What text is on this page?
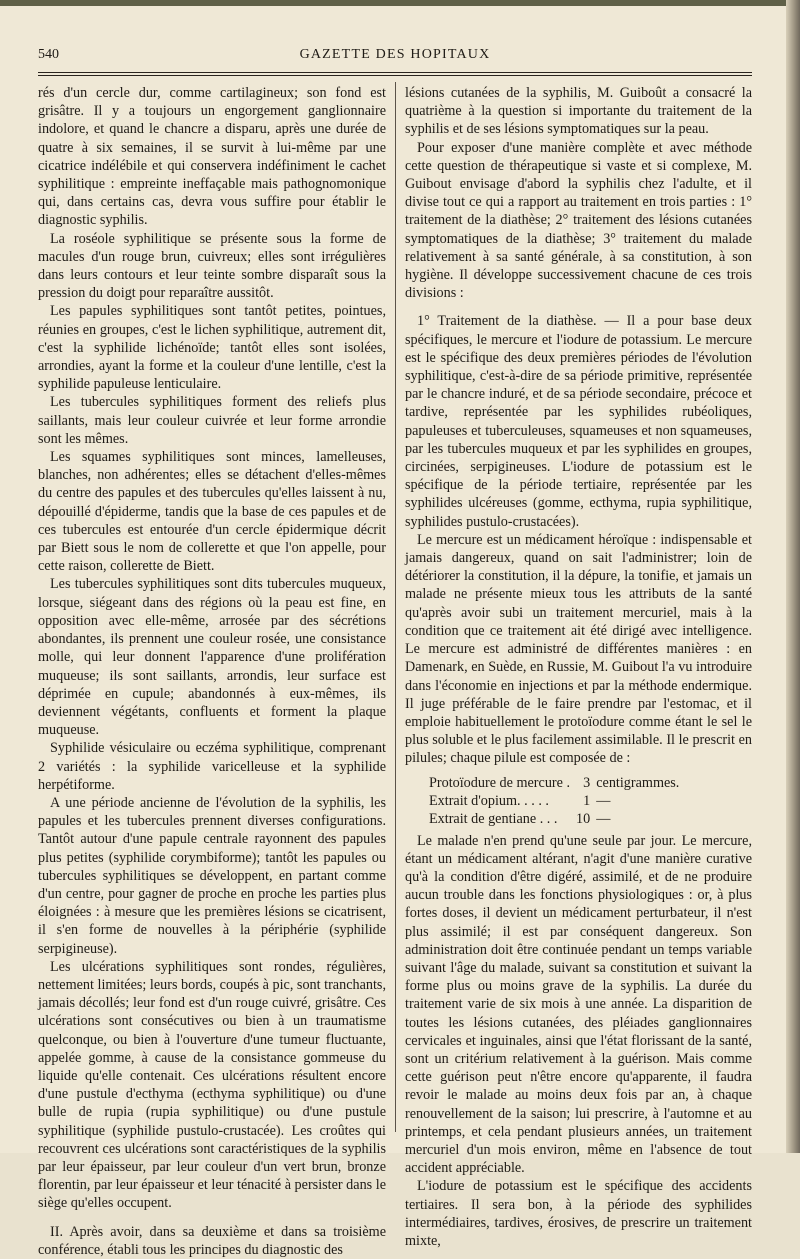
540	GAZETTE DES HOPITAUX

rés d'un cercle dur, comme cartilagineux; son fond est grisâtre. Il y a toujours un engorgement ganglionnaire indolore, et quand le chancre a disparu, après une durée de quatre à six semaines, il se survit à lui-même par une cicatrice indélébile et qui conservera indéfiniment le cachet syphilitique : empreinte ineffaçable mais pathognomonique qui, dans certains cas, devra vous suffire pour établir le diagnostic syphilis.

La roséole syphilitique se présente sous la forme de macules d'un rouge brun, cuivreux; elles sont irrégulières dans leurs contours et leur teinte sombre disparaît sous la pression du doigt pour reparaître aussitôt.

Les papules syphilitiques sont tantôt petites, pointues, réunies en groupes, c'est le lichen syphilitique, autrement dit, c'est la syphilide lichénoïde; tantôt elles sont isolées, arrondies, ayant la forme et la couleur d'une lentille, c'est la syphilide papuleuse lenticulaire.

Les tubercules syphilitiques forment des reliefs plus saillants, mais leur couleur cuivrée et leur forme arrondie sont les mêmes.

Les squames syphilitiques sont minces, lamelleuses, blanches, non adhérentes; elles se détachent d'elles-mêmes du centre des papules et des tubercules qu'elles laissent à nu, dépouillé d'épiderme, tandis que la base de ces papules et de ces tubercules est entourée d'un cercle épidermique décrit par Biett sous le nom de collerette et que l'on appelle, pour cette raison, collerette de Biett.

Les tubercules syphilitiques sont dits tubercules muqueux, lorsque, siégeant dans des régions où la peau est fine, en opposition avec elle-même, arrosée par des sécrétions abondantes, ils prennent une couleur rosée, une consistance molle, qui leur donnent l'apparence d'une prolifération muqueuse; ils sont saillants, arrondis, leur surface est déprimée en cupule; abandonnés à eux-mêmes, ils deviennent végétants, confluents et forment la plaque muqueuse.

Syphilide vésiculaire ou eczéma syphilitique, comprenant 2 variétés : la syphilide varicelleuse et la syphilide herpétiforme.

A une période ancienne de l'évolution de la syphilis, les papules et les tubercules prennent diverses configurations. Tantôt autour d'une papule centrale rayonnent des papules plus petites (syphilide corymbiforme); tantôt les papules ou tubercules syphilitiques se développent, en partant comme d'un centre, pour gagner de proche en proche les parties plus éloignées : à mesure que les premières lésions se cicatrisent, il s'en forme de nouvelles à la périphérie (syphilide serpigineuse).

Les ulcérations syphilitiques sont rondes, régulières, nettement limitées; leurs bords, coupés à pic, sont tranchants, jamais décollés; leur fond est d'un rouge cuivré, grisâtre. Ces ulcérations sont consécutives ou bien à un traumatisme quelconque, ou bien à l'ouverture d'une tumeur fluctuante, appelée gomme, à cause de la consistance gommeuse du liquide qu'elle contenait. Ces ulcérations résultent encore d'une pustule d'ecthyma (ecthyma syphilitique) ou d'une bulle de rupia (rupia syphilitique) ou d'une pustule syphilitique (syphilide pustulo-crustacée). Les croûtes qui recouvrent ces ulcérations sont caractéristiques de la syphilis par leur épaisseur, par leur couleur d'un vert brun, bronze florentin, par leur épaisseur et leur ténacité à persister dans le siège qu'elles occupent.

II. Après avoir, dans sa deuxième et dans sa troisième conférence, établi tous les principes du diagnostic des

lésions cutanées de la syphilis, M. Guiboût a consacré la quatrième à la question si importante du traitement de la syphilis et de ses lésions symptomatiques sur la peau.

Pour exposer d'une manière complète et avec méthode cette question de thérapeutique si vaste et si complexe, M. Guibout envisage d'abord la syphilis chez l'adulte, et il divise tout ce qui a rapport au traitement en trois parties : 1° traitement de la diathèse; 2° traitement des lésions cutanées symptomatiques de la diathèse; 3° traitement du malade relativement à sa santé générale, à sa constitution, à son hygiène. Il développe successivement chacune de ces trois divisions :

1° Traitement de la diathèse. — Il a pour base deux spécifiques, le mercure et l'iodure de potassium. Le mercure est le spécifique des deux premières périodes de l'évolution syphilitique, c'est-à-dire de sa période primitive, représentée par le chancre induré, et de sa période secondaire, précoce et tardive, représentée par les syphilides rubéoliques, papuleuses et tuberculeuses, squameuses et non squameuses, par les tubercules muqueux et par les syphilides en groupes, circinées, serpigineuses. L'iodure de potassium est le spécifique de la période tertiaire, représentée par les syphilides ulcéreuses (gomme, ecthyma, rupia syphilitique, syphilides pustulo-crustacées).

Le mercure est un médicament héroïque : indispensable et jamais dangereux, quand on sait l'administrer; loin de détériorer la constitution, il la dépure, la tonifie, et jamais un malade ne présente mieux tous les attributs de la santé qu'après avoir subi un traitement mercuriel, mais à la condition que ce traitement ait été dirigé avec intelligence. Le mercure est administré de différentes manières : en Damenark, en Suède, en Russie, M. Guibout l'a vu introduire dans l'économie en injections et par la méthode endermique. Il juge préférable de le faire prendre par l'estomac, et il emploie habituellement le protoïodure comme étant le sel le plus soluble et le plus facilement assimilable. Il le prescrit en pilules; chaque pilule est composée de :

Protoïodure de mercure .	3	centigrammes.
Extrait d'opium. . . . .	1	—
Extrait de gentiane . . .	10	—

Le malade n'en prend qu'une seule par jour. Le mercure, étant un médicament altérant, n'agit d'une manière curative qu'à la condition d'être digéré, assimilé, et de ne produire aucun trouble dans les fonctions physiologiques : or, à plus fortes doses, il devient un médicament perturbateur, il n'est plus assimilé; il est par conséquent dangereux. Son administration doit être continuée pendant un temps variable suivant l'âge du malade, suivant sa constitution et suivant la forme plus ou moins grave de la syphilis. La durée du traitement varie de six mois à une année. La disparition de toutes les lésions cutanées, des pléiades ganglionnaires cervicales et inguinales, ainsi que l'état florissant de la santé, sont un critérium relativement à la guérison. Mais comme cette guérison peut n'être encore qu'apparente, il faudra revoir le malade au moins deux fois par an, à chaque renouvellement de la saison; lui prescrire, à l'automne et au printemps, et cela pendant plusieurs années, un traitement mercuriel d'un mois environ, même en l'absence de tout accident appréciable.

L'iodure de potassium est le spécifique des accidents tertiaires. Il sera bon, à la période des syphilides intermédiaires, tardives, érosives, de prescrire un traitement mixte,
